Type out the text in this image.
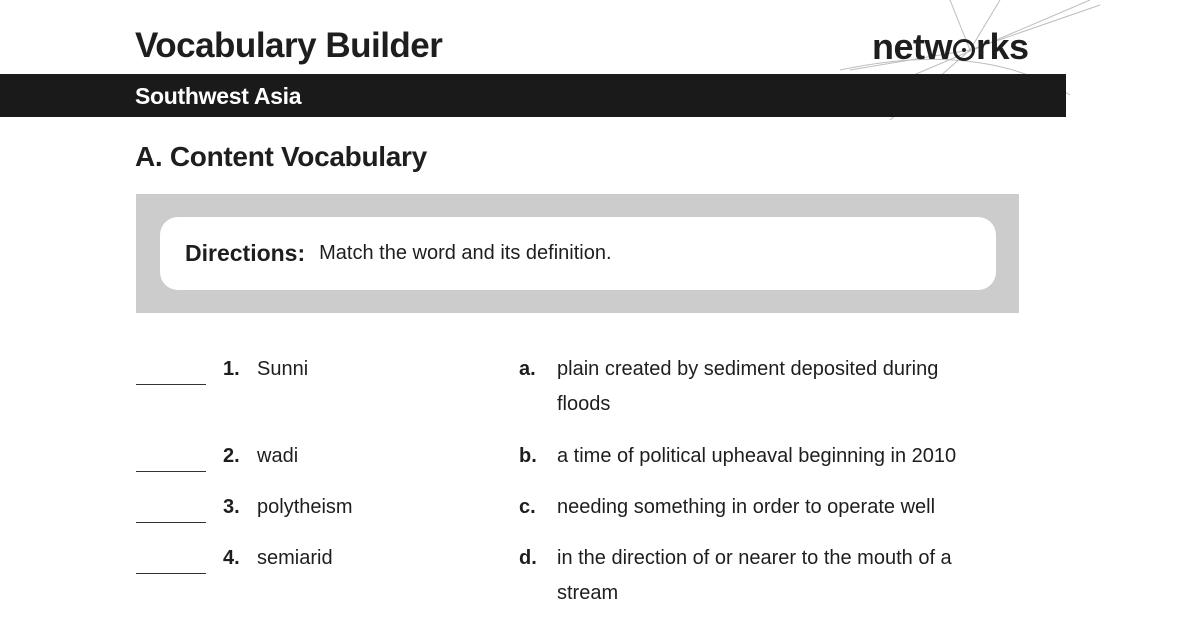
Vocabulary Builder	netw rks
Southwest Asia
A. Content Vocabulary
Directions: Match the word and its definition.
1. Sunni
2. wadi
3. polytheism
4. semiarid
a. plain created by sediment deposited during floods
b. a time of political upheaval beginning in 2010
c. needing something in order to operate well
d. in the direction of or nearer to the mouth of a stream
